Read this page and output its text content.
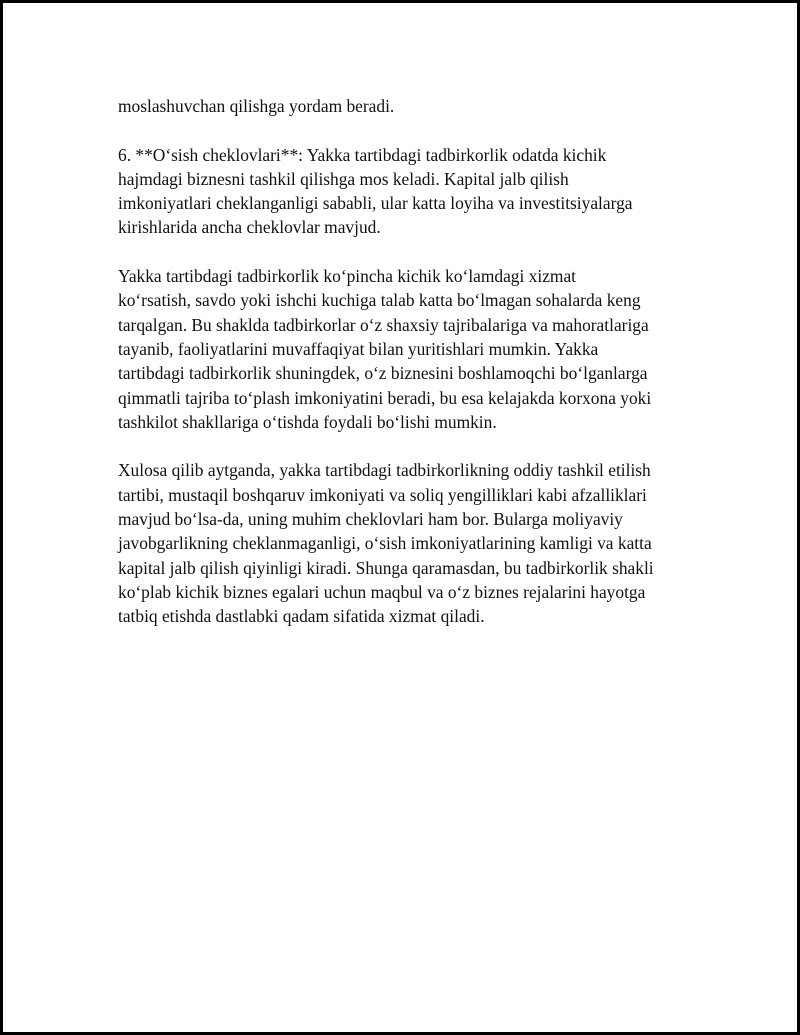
moslashuvchan qilishga yordam beradi.

6. **O‘sish cheklovlari**: Yakka tartibdagi tadbirkorlik odatda kichik
hajmdagi biznesni tashkil qilishga mos keladi. Kapital jalb qilish
imkoniyatlari cheklanganligi sababli, ular katta loyiha va investitsiyalarga
kirishlarida ancha cheklovlar mavjud.

Yakka tartibdagi tadbirkorlik ko‘pincha kichik ko‘lamdagi xizmat
ko‘rsatish, savdo yoki ishchi kuchiga talab katta bo‘lmagan sohalarda keng
tarqalgan. Bu shaklda tadbirkorlar o‘z shaxsiy tajribalariga va mahoratlariga
tayanib, faoliyatlarini muvaffaqiyat bilan yuritishlari mumkin. Yakka
tartibdagi tadbirkorlik shuningdek, o‘z biznesini boshlamoqchi bo‘lganlarga
qimmatli tajriba to‘plash imkoniyatini beradi, bu esa kelajakda korxona yoki
tashkilot shakllariga o‘tishda foydali bo‘lishi mumkin.

Xulosa qilib aytganda, yakka tartibdagi tadbirkorlikning oddiy tashkil etilish
tartibi, mustaqil boshqaruv imkoniyati va soliq yengilliklari kabi afzalliklari
mavjud bo‘lsa-da, uning muhim cheklovlari ham bor. Bularga moliyaviy
javobgarlikning cheklanmaganligi, o‘sish imkoniyatlarining kamligi va katta
kapital jalb qilish qiyinligi kiradi. Shunga qaramasdan, bu tadbirkorlik shakli
ko‘plab kichik biznes egalari uchun maqbul va o‘z biznes rejalarini hayotga
tatbiq etishda dastlabki qadam sifatida xizmat qiladi.
